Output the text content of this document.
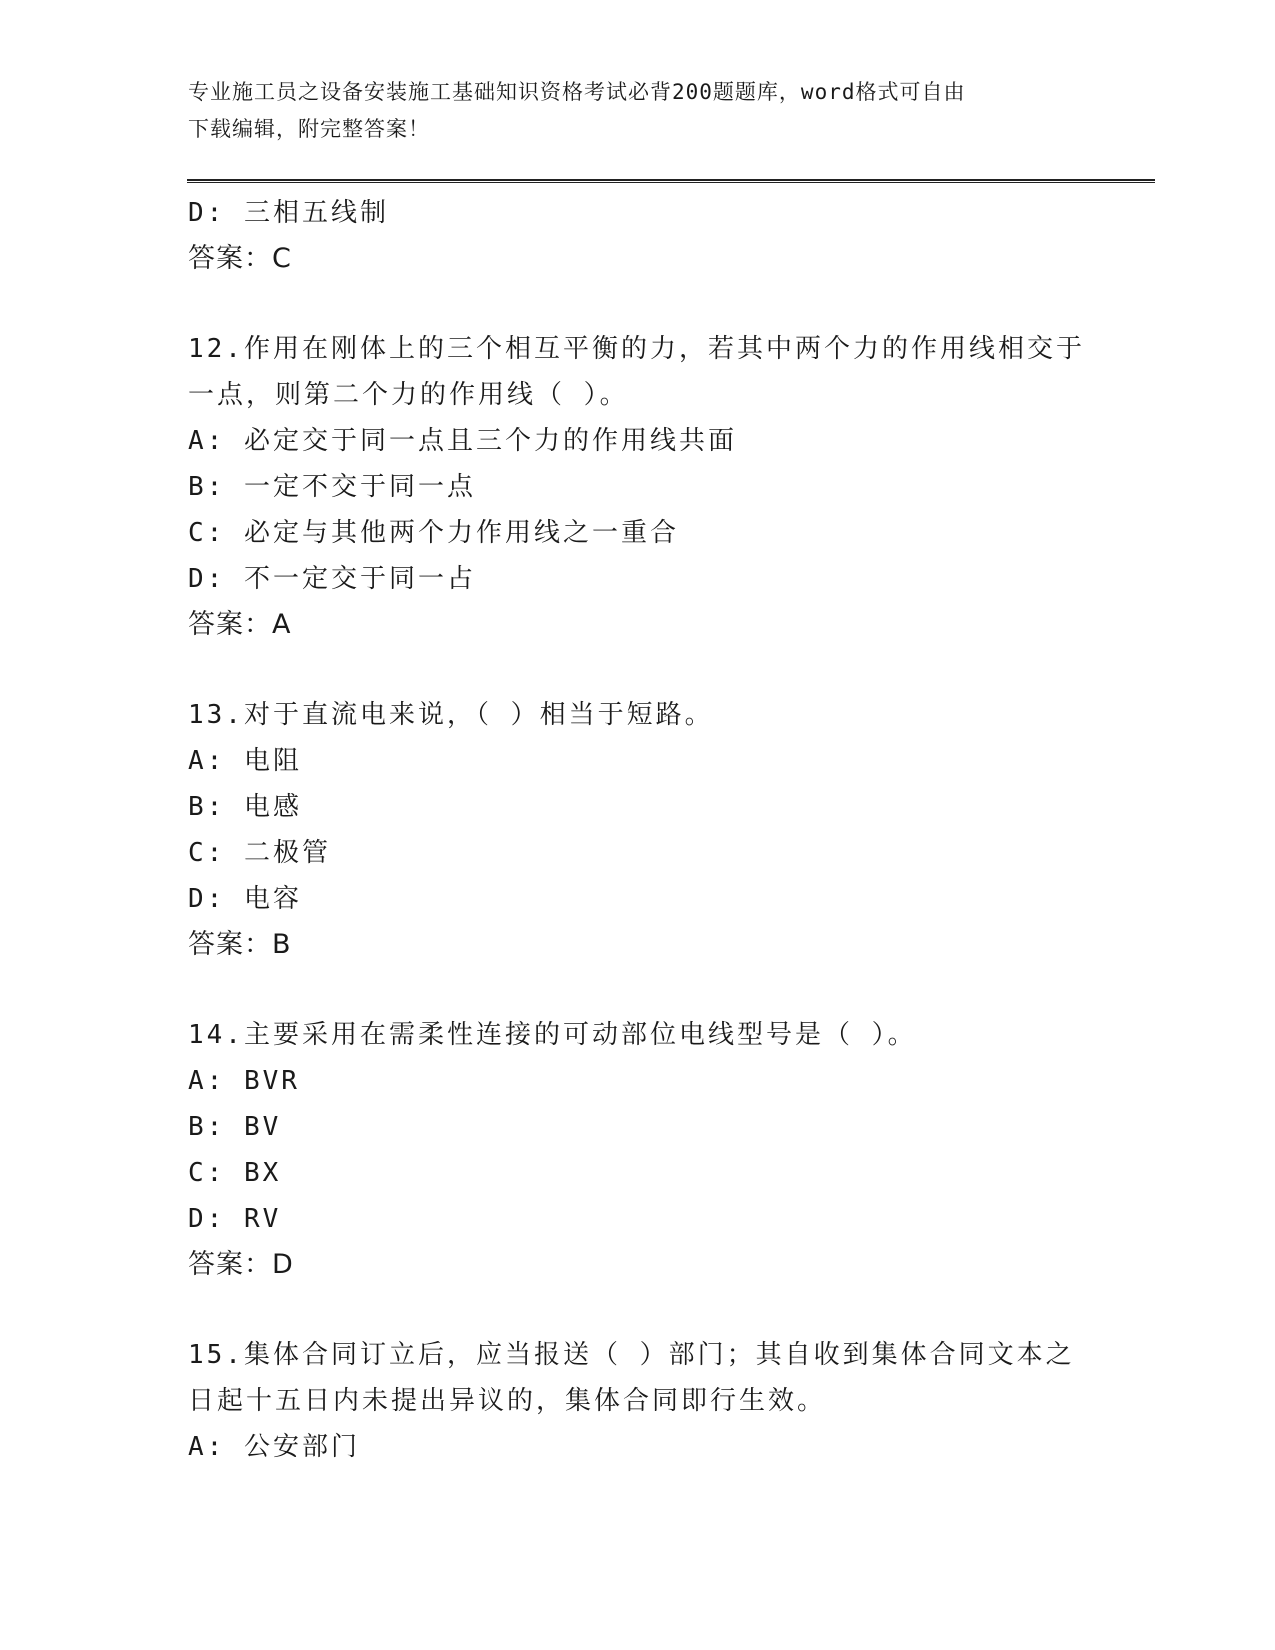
专业施工员之设备安装施工基础知识资格考试必背200题题库，word格式可自由
下载编辑，附完整答案！
D: 三相五线制
答案：C
12.作用在刚体上的三个相互平衡的力，若其中两个力的作用线相交于
一点，则第二个力的作用线（ ）。
A: 必定交于同一点且三个力的作用线共面
B: 一定不交于同一点
C: 必定与其他两个力作用线之一重合
D: 不一定交于同一占
答案：A
13.对于直流电来说，（ ）相当于短路。
A: 电阻
B: 电感
C: 二极管
D: 电容
答案：B
14.主要采用在需柔性连接的可动部位电线型号是（ ）。
A: BVR
B: BV
C: BX
D: RV
答案：D
15.集体合同订立后，应当报送（ ）部门；其自收到集体合同文本之
日起十五日内未提出异议的，集体合同即行生效。
A: 公安部门
